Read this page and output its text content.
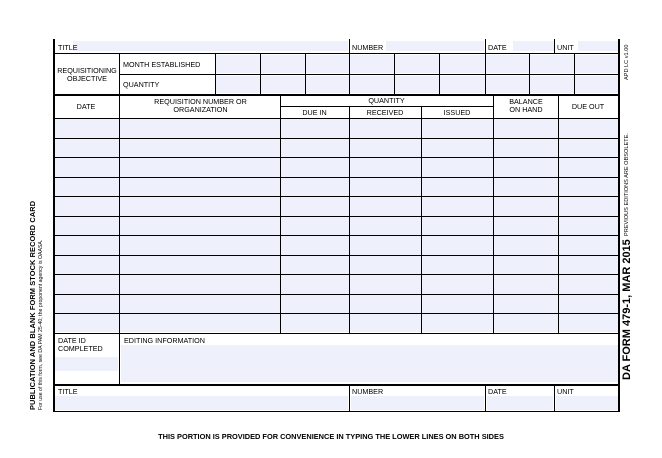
PUBLICATION AND BLANK FORM STOCK RECORD CARD For use of this form, see DA PAM 25-40; the proponent agency is OAASA.	DA FORM 479-1, MAR 2015
PREVIOUS EDITIONS ARE OBSOLETE.
APD LC v1.00
TITLE	NUMBER	DATE	UNIT
REQUISITIONING OBJECTIVE
MONTH ESTABLISHED
QUANTITY
DATE
REQUISITION NUMBER OR ORGANIZATION
QUANTITY
DUE IN	RECEIVED	ISSUED
BALANCE ON HAND	DUE OUT
DATE ID COMPLETED
EDITING INFORMATION
TITLE	NUMBER	DATE	UNIT
THIS PORTION IS PROVIDED FOR CONVENIENCE IN TYPING THE LOWER LINES ON BOTH SIDES
